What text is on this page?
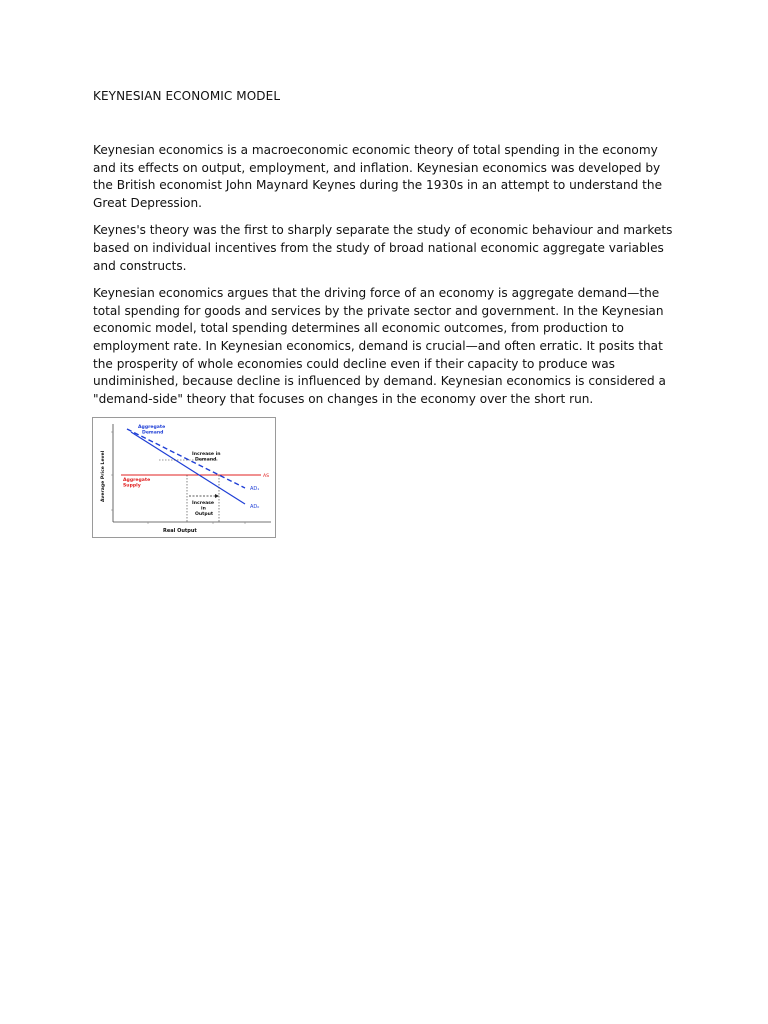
KEYNESIAN ECONOMIC MODEL

Keynesian economics is a macroeconomic economic theory of total spending in the economy and its effects on output, employment, and inflation. Keynesian economics was developed by the British economist John Maynard Keynes during the 1930s in an attempt to understand the Great Depression.

Keynes's theory was the first to sharply separate the study of economic behaviour and markets based on individual incentives from the study of broad national economic aggregate variables and constructs.

Keynesian economics argues that the driving force of an economy is aggregate demand—the total spending for goods and services by the private sector and government. In the Keynesian economic model, total spending determines all economic outcomes, from production to employment rate. In Keynesian economics, demand is crucial—and often erratic. It posits that the prosperity of whole economies could decline even if their capacity to produce was undiminished, because decline is influenced by demand. Keynesian economics is considered a "demand-side" theory that focuses on changes in the economy over the short run.

Aggregate
Demand
Increase in
Demand
Aggregate
Supply
AS
AD₁
AD₀
Increase
in
Output
Real Output
Average Price Level
